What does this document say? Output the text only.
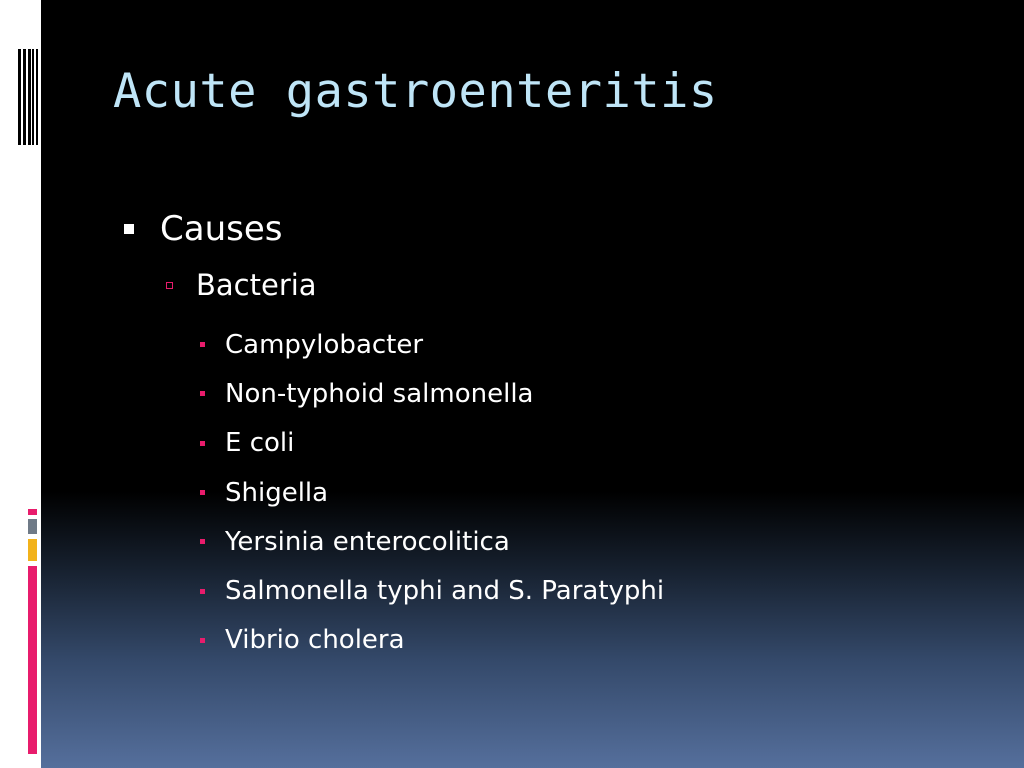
Acute gastroenteritis
Causes
Bacteria
Campylobacter
Non-typhoid salmonella
E coli
Shigella
Yersinia enterocolitica
Salmonella typhi and S. Paratyphi
Vibrio cholera
